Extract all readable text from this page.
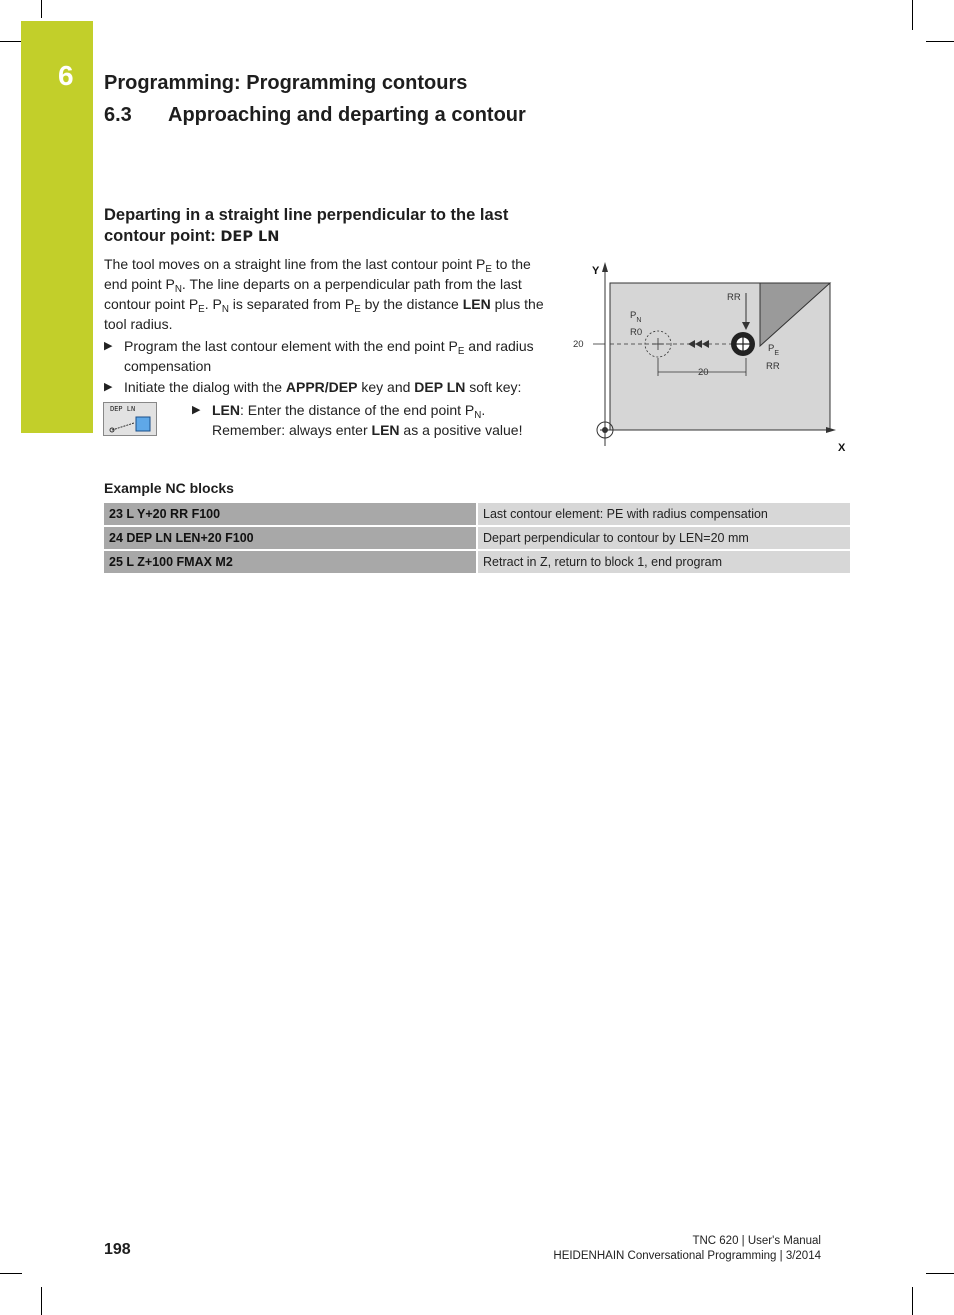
6	Programming: Programming contours
6.3 Approaching and departing a contour
Departing in a straight line perpendicular to the last contour point: DEP LN
The tool moves on a straight line from the last contour point $P_E$ to the end point $P_N$. The line departs on a perpendicular path from the last contour point $P_E$. $P_N$ is separated from $P_E$ by the distance LEN plus the tool radius.
▶ Program the last contour element with the end point $P_E$ and radius compensation
▶ Initiate the dialog with the APPR/DEP key and DEP LN soft key:
DEP LN	▶ LEN: Enter the distance of the end point $P_N$. Remember: always enter LEN as a positive value!
Y
X
20
$P_N$
R0
RR
$P_E$
RR
20
Example NC blocks
23 L Y+20 RR F100	Last contour element: PE with radius compensation
24 DEP LN LEN+20 F100	Depart perpendicular to contour by LEN=20 mm
25 L Z+100 FMAX M2	Retract in Z, return to block 1, end program
198	TNC 620 | User's Manual
HEIDENHAIN Conversational Programming | 3/2014
